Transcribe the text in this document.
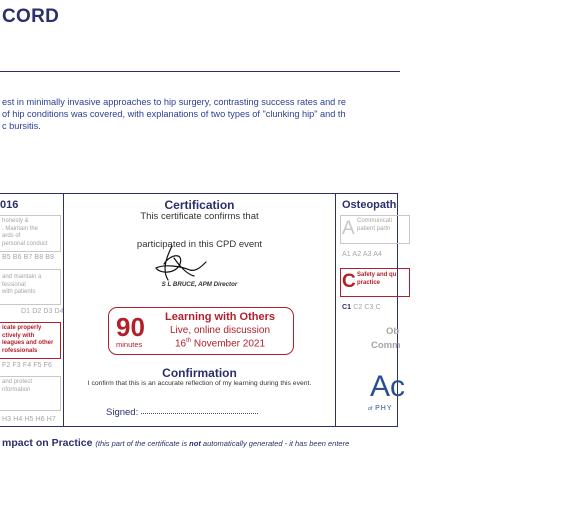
CORD
est in minimally invasive approaches to hip surgery, contrasting success rates and re
of hip conditions was covered, with explanations of two types of "clunking hip" and th
c bursitis.
016
honesty &
. Maintain the
ards of
personal conduct
B5 B6 B7 B8 B9
and maintain a
fessional
with patients
D1 D2 D3 D4
icate properly
ctively with
leagues and other
rofessionals
F2 F3 F4 F5 F6
and protect
nformation
H3 H4 H5 H6 H7
Certification
This certificate confirms that
participated in this CPD event
S L BRUCE, APM Director
90
minutes
Learning with Others
Live, online discussion
16th November 2021
Confirmation
I confirm that this is an accurate reflection of my learning during this event.
Signed:
Osteopath
A Communicati
patient partn
A1 A2 A3 A4
C Safety and qu
practice
C1 C2 C3 C
Ob
Comm
Ac
of PHY
mpact on Practice (this part of the certificate is not automatically generated - it has been entere
